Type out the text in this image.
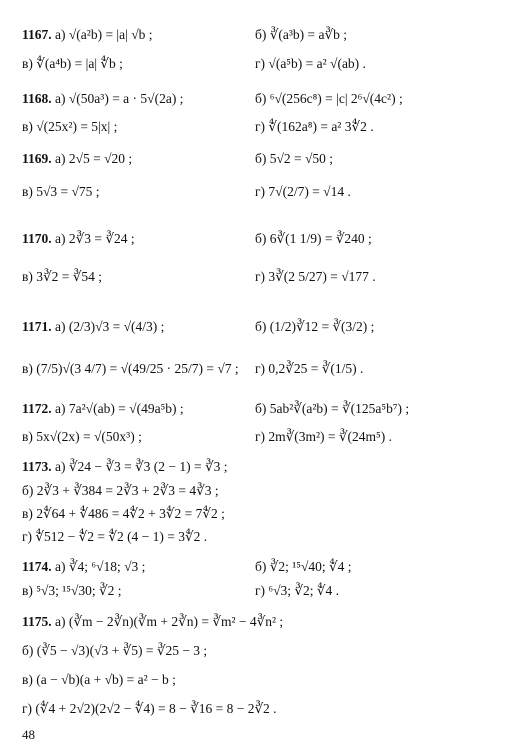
1167. а) √(a²b) = |a| √b ;	б) ∛(a³b) = a∛b ;
в) ∜(a⁴b) = |a| ∜b ;	г) √(a⁵b) = a² √(ab) .
1168. а) √(50a³) = a · 5√(2a) ;	б) ⁶√(256c⁸) = |c| 2⁶√(4c²) ;
в) √(25x²) = 5|x| ;	г) ∜(162a⁸) = a² 3∜2 .
1169. а) 2√5 = √20 ;	б) 5√2 = √50 ;
в) 5√3 = √75 ;	г) 7√(2/7) = √14 .
1170. а) 2∛3 = ∛24 ;	б) 6∛(1 1/9) = ∛240 ;
в) 3∛2 = ∛54 ;	г) 3∛(2 5/27) = √177 .
1171. а) (2/3)√3 = √(4/3) ;	б) (1/2)∛12 = ∛(3/2) ;
в) (7/5)√(3 4/7) = √(49/25 · 25/7) = √7 ; г) 0,2∛25 = ∛(1/5) .
1172. а) 7a²√(ab) = √(49a⁵b) ;	б) 5ab²∛(a²b) = ∛(125a⁵b⁷) ;
в) 5x√(2x) = √(50x³) ;	г) 2m∛(3m²) = ∛(24m⁵) .
1173. а) ∛24 − ∛3 = ∛3 (2 − 1) = ∛3 ;
б) 2∛3 + ∛384 = 2∛3 + 2∛3 = 4∛3 ;
в) 2∜64 + ∜486 = 4∜2 + 3∜2 = 7∜2 ;
г) ∜512 − ∜2 = ∜2 (4 − 1) = 3∜2 .
1174. а) ∛4; ⁶√18; √3 ;	б) ∛2; ¹⁵√40; ∜4 ;
в) ⁵√3; ¹⁵√30; ∛2 ;	г) ⁶√3; ∛2; ∜4 .
1175. а) (∛m − 2∛n)(∛m + 2∛n) = ∛m² − 4∛n² ;
б) (∛5 − √3)(√3 + ∛5) = ∛25 − 3 ;
в) (a − √b)(a + √b) = a² − b ;
г) (∜4 + 2√2)(2√2 − ∜4) = 8 − ∛16 = 8 − 2∛2 .
48
